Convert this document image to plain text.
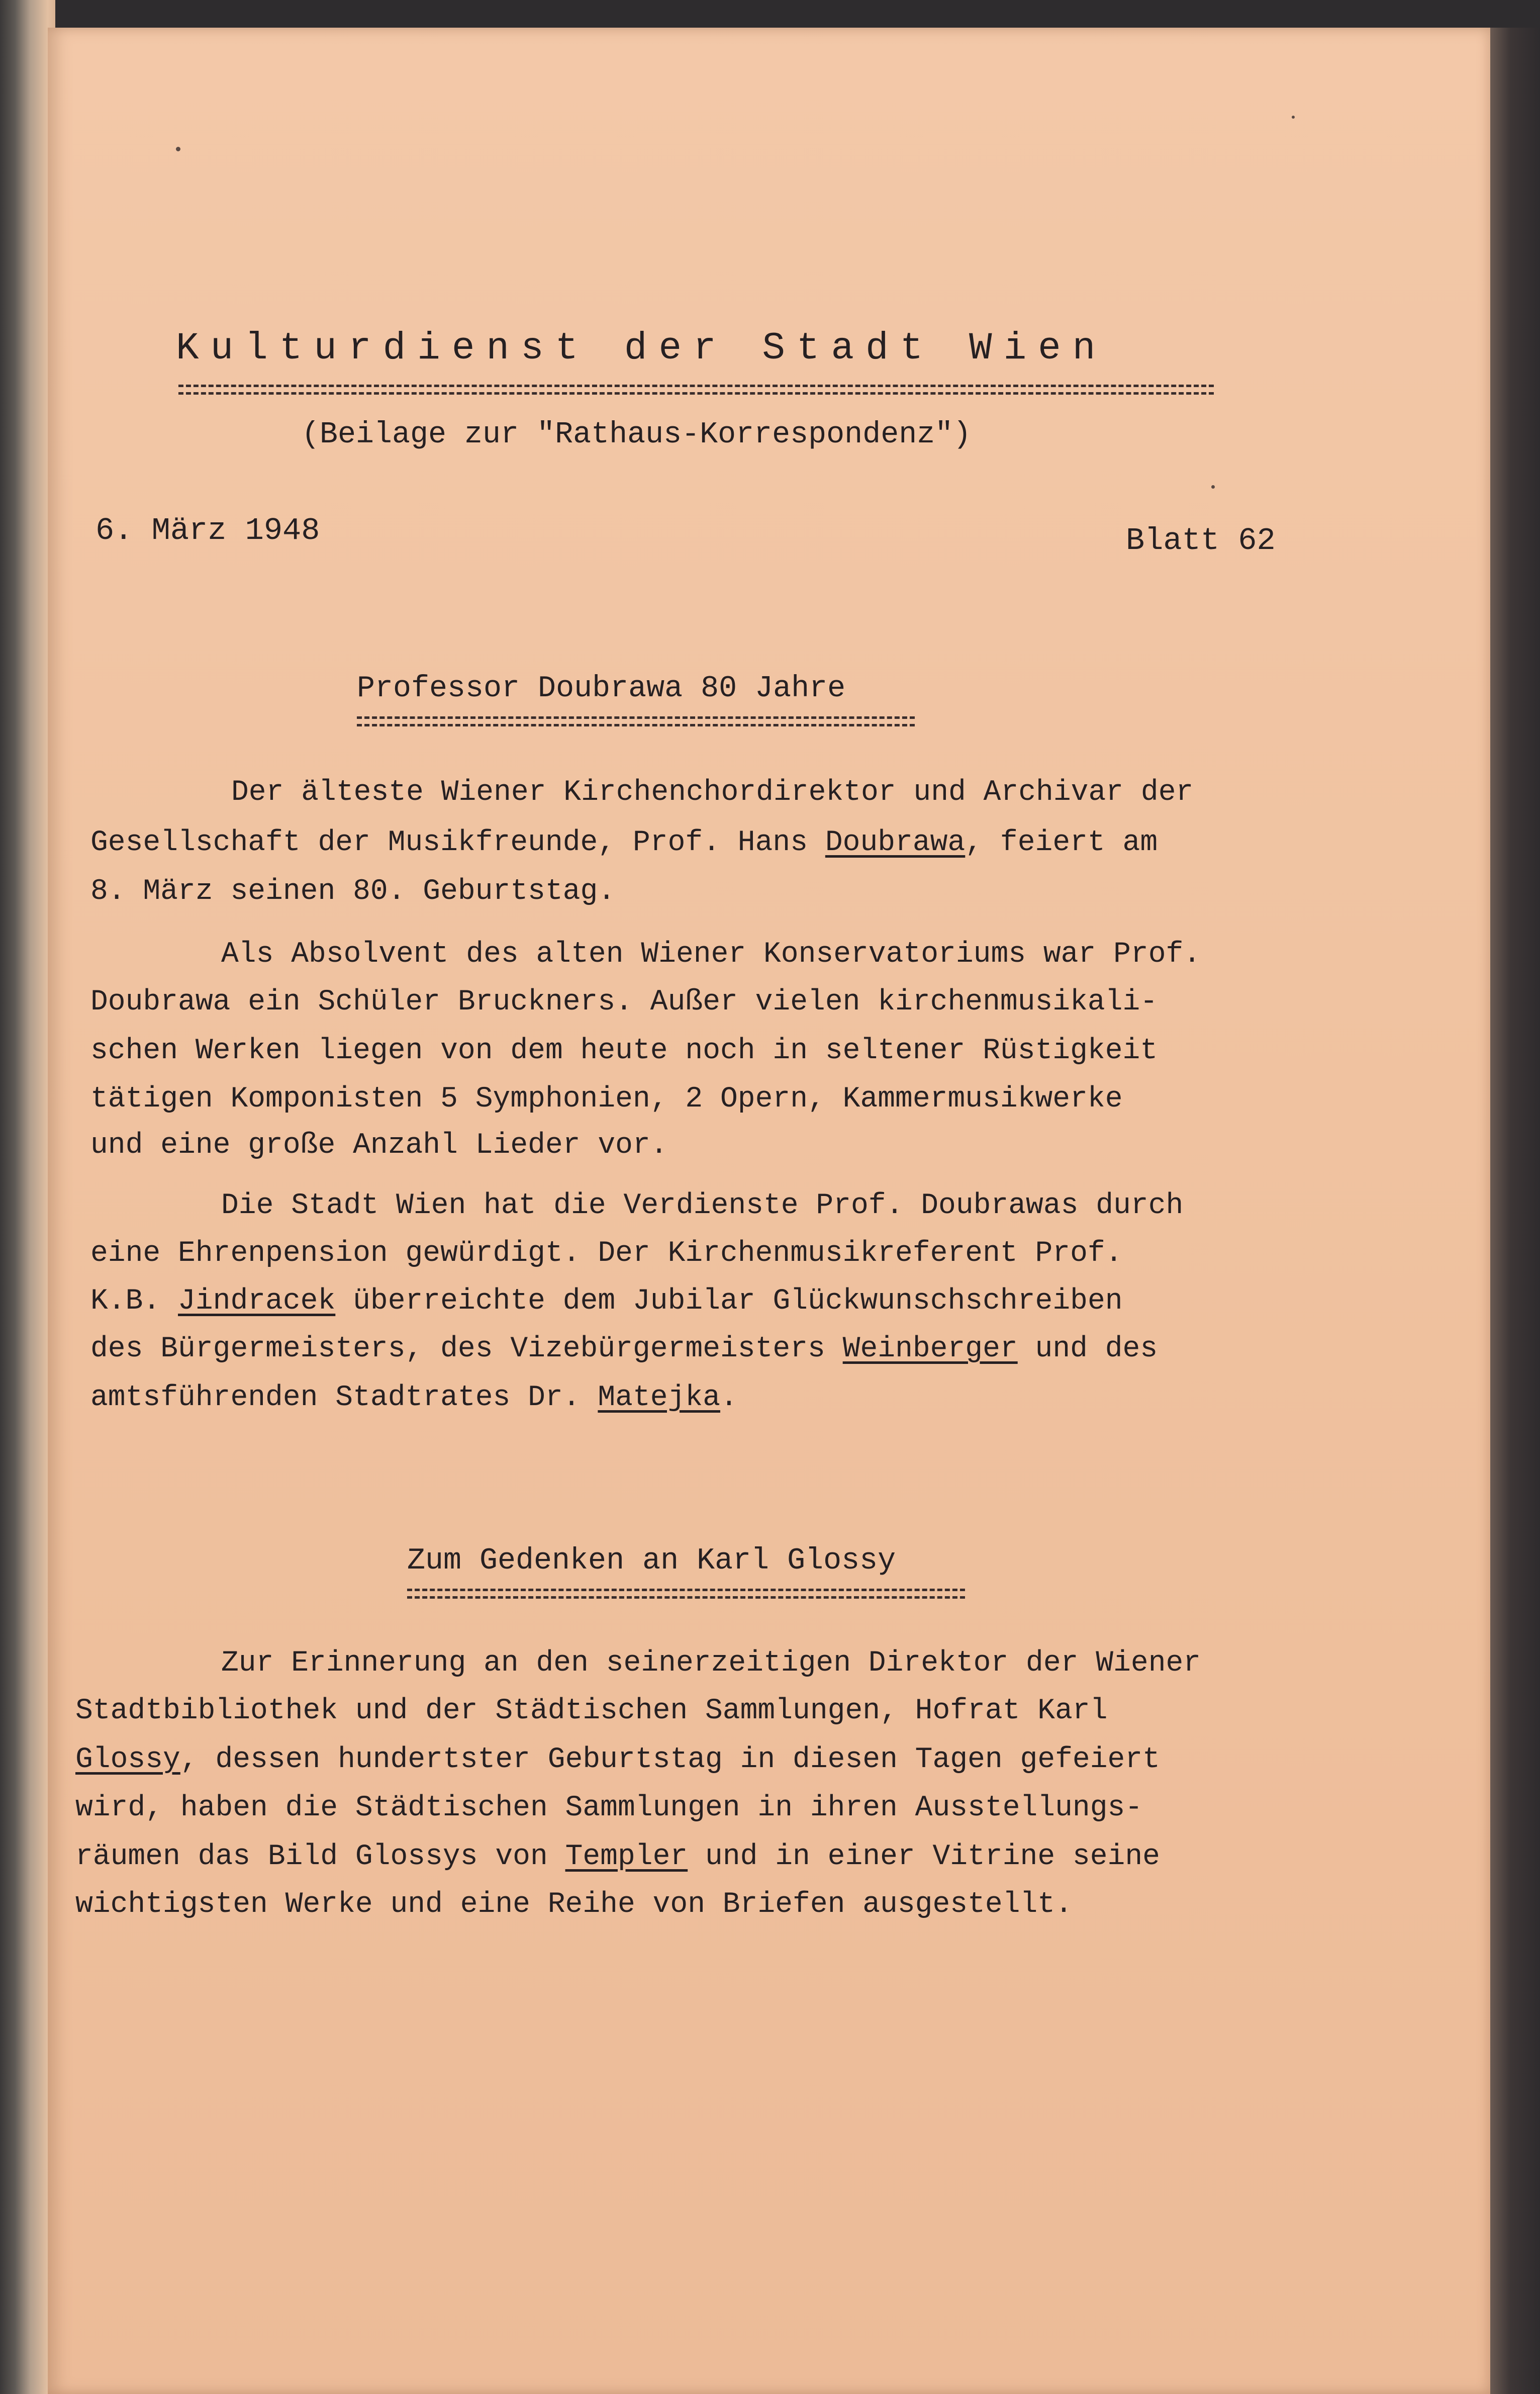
Kulturdienst der Stadt Wien
(Beilage zur "Rathaus-Korrespondenz")
6. März 1948	Blatt 62
Professor Doubrawa 80 Jahre
Der älteste Wiener Kirchenchordirektor und Archivar der
Gesellschaft der Musikfreunde, Prof. Hans Doubrawa, feiert am
8. März seinen 80. Geburtstag.
Als Absolvent des alten Wiener Konservatoriums war Prof.
Doubrawa ein Schüler Bruckners. Außer vielen kirchenmusikali-
schen Werken liegen von dem heute noch in seltener Rüstigkeit
tätigen Komponisten 5 Symphonien, 2 Opern, Kammermusikwerke
und eine große Anzahl Lieder vor.
Die Stadt Wien hat die Verdienste Prof. Doubrawas durch
eine Ehrenpension gewürdigt. Der Kirchenmusikreferent Prof.
K.B. Jindracek überreichte dem Jubilar Glückwunschschreiben
des Bürgermeisters, des Vizebürgermeisters Weinberger und des
amtsführenden Stadtrates Dr. Matejka.
Zum Gedenken an Karl Glossy
Zur Erinnerung an den seinerzeitigen Direktor der Wiener
Stadtbibliothek und der Städtischen Sammlungen, Hofrat Karl
Glossy, dessen hundertster Geburtstag in diesen Tagen gefeiert
wird, haben die Städtischen Sammlungen in ihren Ausstellungs-
räumen das Bild Glossys von Templer und in einer Vitrine seine
wichtigsten Werke und eine Reihe von Briefen ausgestellt.
